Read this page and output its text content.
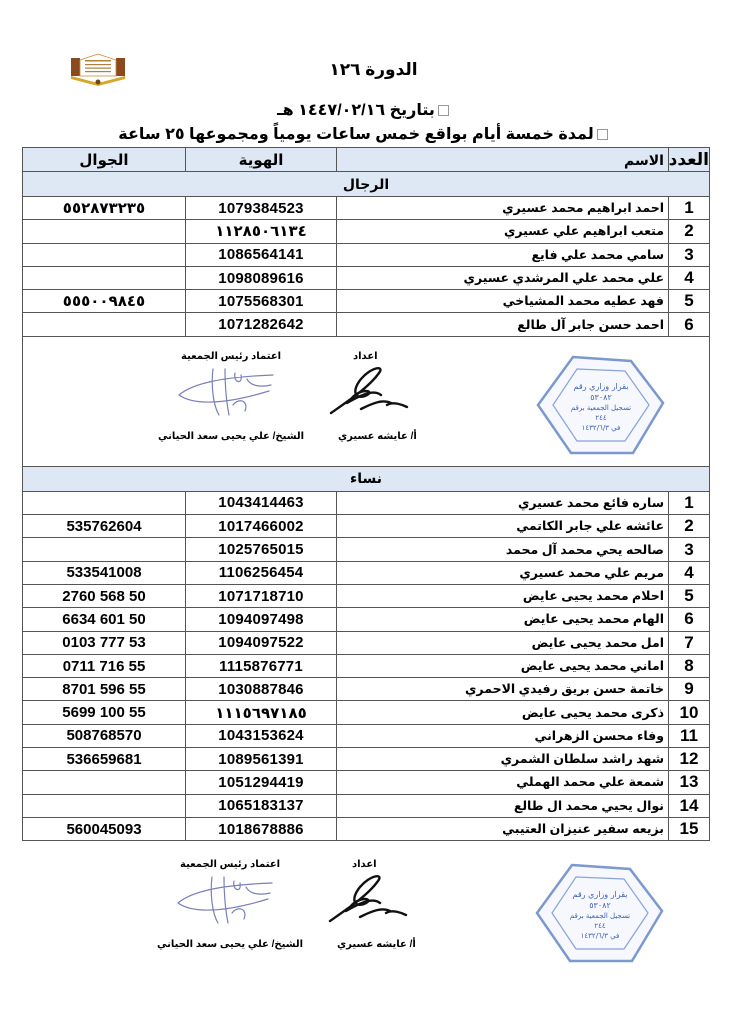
الدورة ١٢٦
بتاريخ ١٤٤٧/٠٢/١٦ هـ
لمدة خمسة أيام بواقع خمس ساعات يومياً ومجموعها ٢٥ ساعة
العدد	الاسم	الهوية	الجوال
الرجال			
1	احمد ابراهيم محمد عسيري	1079384523	٥٥٢٨٧٣٢٣٥
2	متعب ابراهيم علي عسيري	١١٢٨٥٠٦١٣٤	
3	سامي محمد علي فايع	1086564141	
4	علي محمد علي المرشدي عسيري	1098089616	
5	فهد عطيه محمد المشياخي	1075568301	٥٥٥٠٠٩٨٤٥
6	احمد حسن جابر آل طالع	1071282642	

بقرار وزاري رقم
٥٣٠٨٢
تسجيل الجمعية برقم
٢٤٤
في ١٤٣٢/٦/٣
اعداد
أ/ عايشه عسيري
اعتماد رئيس الجمعية
الشيخ/ علي يحيى سعد الحياني

نساء			
1	ساره فائع محمد عسيري	1043414463	
2	عائشه علي جابر الكاتمي	1017466002	535762604
3	صالحه يحي محمد آل محمد	1025765015	
4	مريم علي محمد عسيري	1106256454	533541008
5	احلام محمد يحيى عايض	1071718710	50 568 2760
6	الهام محمد يحيى عايض	1094097498	50 601 6634
7	امل محمد يحيى عايض	1094097522	53 777 0103
8	اماني محمد يحيى عايض	1115876771	55 716 0711
9	خاتمة حسن بريق رفيدي الاحمري	1030887846	55 596 8701
10	ذكرى محمد يحيى عايض	١١١٥٦٩٧١٨٥	55 100 5699
11	وفاء محسن الزهراني	1043153624	508768570
12	شهد راشد سلطان الشمري	1089561391	536659681
13	شمعة علي محمد الهملي	1051294419	
14	نوال يحيي محمد ال طالع	1065183137	
15	بزيعه سفير عنيزان العتيبي	1018678886	560045093
بقرار وزاري رقم
٥٣٠٨٢
تسجيل الجمعية برقم
٢٤٤
في ١٤٣٢/٦/٣
اعداد
أ/ عايشه عسيري
اعتماد رئيس الجمعية
الشيخ/ علي يحيى سعد الحياني
